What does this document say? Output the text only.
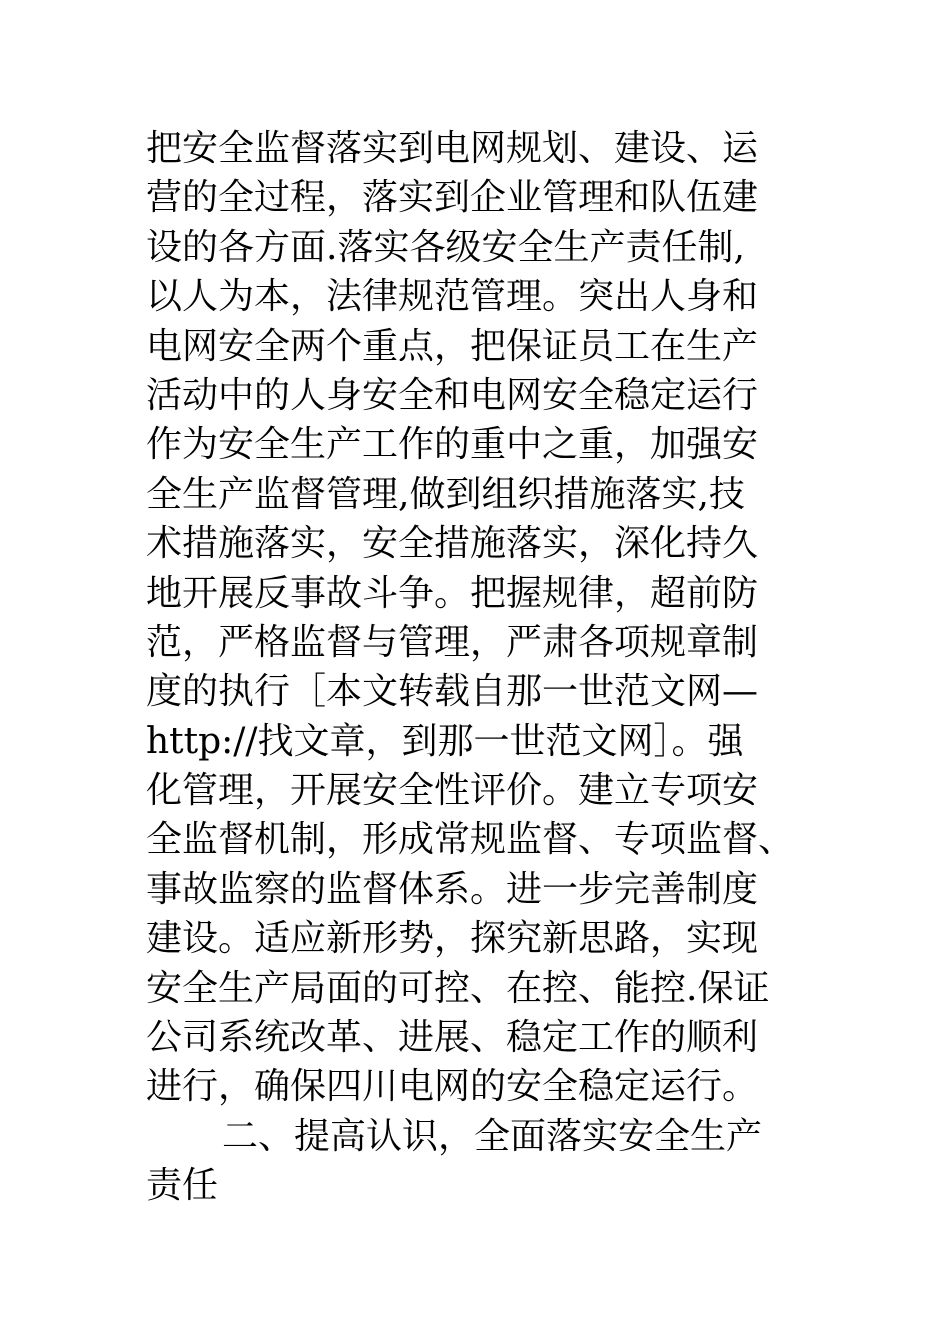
把安全监督落实到电网规划、建设、运
营的全过程，落实到企业管理和队伍建
设的各方面.落实各级安全生产责任制,
以人为本，法律规范管理。突出人身和
电网安全两个重点，把保证员工在生产
活动中的人身安全和电网安全稳定运行
作为安全生产工作的重中之重，加强安
全生产监督管理,做到组织措施落实,技
术措施落实，安全措施落实，深化持久
地开展反事故斗争。把握规律，超前防
范，严格监督与管理，严肃各项规章制
度的执行［本文转载自那一世范文网—
http://找文章，到那一世范文网］。强
化管理，开展安全性评价。建立专项安
全监督机制，形成常规监督、专项监督、
事故监察的监督体系。进一步完善制度
建设。适应新形势，探究新思路，实现
安全生产局面的可控、在控、能控.保证
公司系统改革、进展、稳定工作的顺利
进行，确保四川电网的安全稳定运行。
二、提高认识，全面落实安全生产
责任
